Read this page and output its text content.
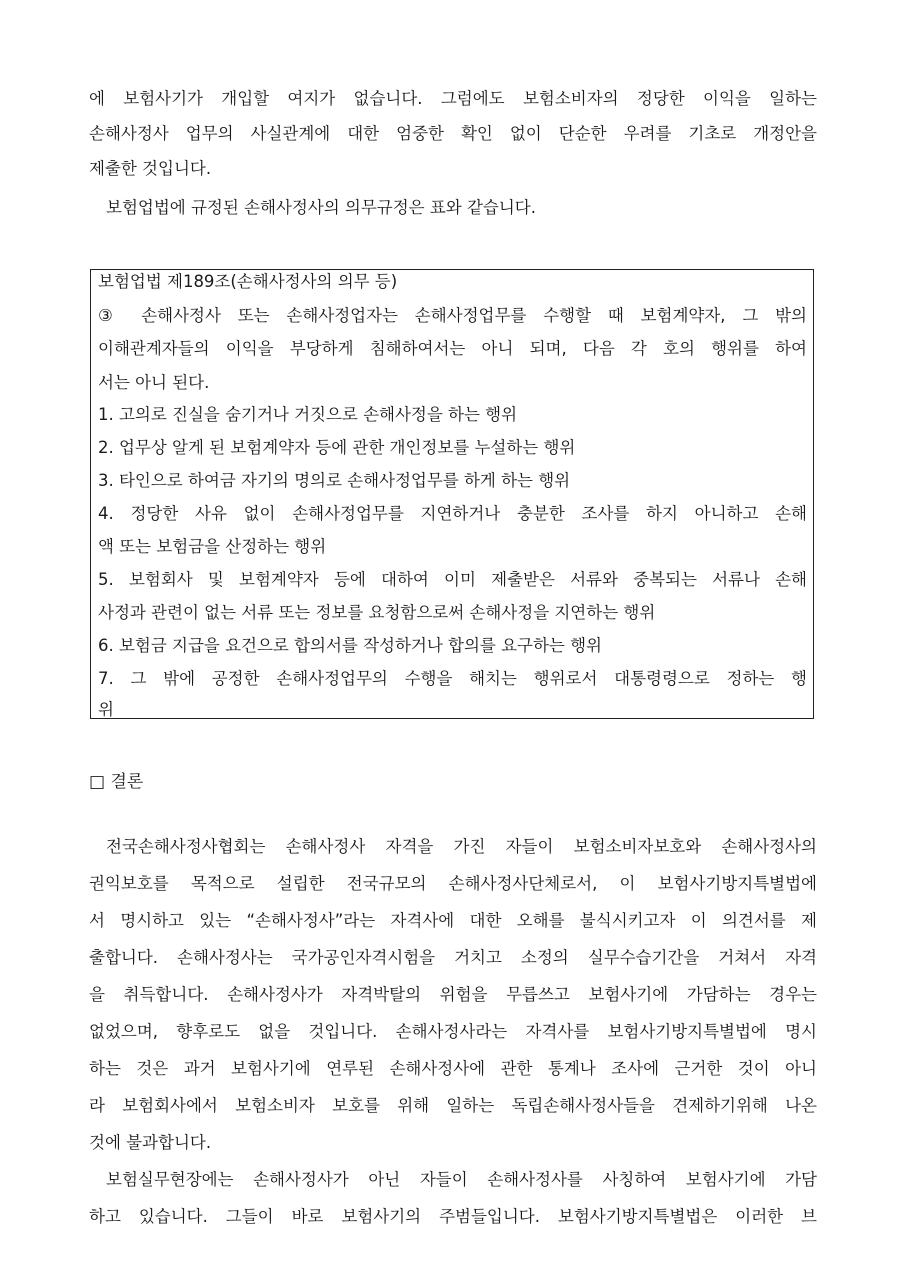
에 보험사기가 개입할 여지가 없습니다. 그럼에도 보험소비자의 정당한 이익을 일하는
손해사정사 업무의 사실관계에 대한 엄중한 확인 없이 단순한 우려를 기초로 개정안을
제출한 것입니다.
보험업법에 규정된 손해사정사의 의무규정은 표와 같습니다.
보험업법 제189조(손해사정사의 의무 등)
③ 손해사정사 또는 손해사정업자는 손해사정업무를 수행할 때 보험계약자, 그 밖의
이해관계자들의 이익을 부당하게 침해하여서는 아니 되며, 다음 각 호의 행위를 하여
서는 아니 된다.
1. 고의로 진실을 숨기거나 거짓으로 손해사정을 하는 행위
2. 업무상 알게 된 보험계약자 등에 관한 개인정보를 누설하는 행위
3. 타인으로 하여금 자기의 명의로 손해사정업무를 하게 하는 행위
4. 정당한 사유 없이 손해사정업무를 지연하거나 충분한 조사를 하지 아니하고 손해
액 또는 보험금을 산정하는 행위
5. 보험회사 및 보험계약자 등에 대하여 이미 제출받은 서류와 중복되는 서류나 손해
사정과 관련이 없는 서류 또는 정보를 요청함으로써 손해사정을 지연하는 행위
6. 보험금 지급을 요건으로 합의서를 작성하거나 합의를 요구하는 행위
7. 그 밖에 공정한 손해사정업무의 수행을 해치는 행위로서 대통령령으로 정하는 행
위
□ 결론
전국손해사정사협회는 손해사정사 자격을 가진 자들이 보험소비자보호와 손해사정사의
권익보호를 목적으로 설립한 전국규모의 손해사정사단체로서, 이 보험사기방지특별법에
서 명시하고 있는 “손해사정사”라는 자격사에 대한 오해를 불식시키고자 이 의견서를 제
출합니다. 손해사정사는 국가공인자격시험을 거치고 소정의 실무수습기간을 거쳐서 자격
을 취득합니다. 손해사정사가 자격박탈의 위험을 무릅쓰고 보험사기에 가담하는 경우는
없었으며, 향후로도 없을 것입니다. 손해사정사라는 자격사를 보험사기방지특별법에 명시
하는 것은 과거 보험사기에 연루된 손해사정사에 관한 통계나 조사에 근거한 것이 아니
라 보험회사에서 보험소비자 보호를 위해 일하는 독립손해사정사들을 견제하기위해 나온
것에 불과합니다.
보험실무현장에는 손해사정사가 아닌 자들이 손해사정사를 사칭하여 보험사기에 가담
하고 있습니다. 그들이 바로 보험사기의 주범들입니다. 보험사기방지특별법은 이러한 브
